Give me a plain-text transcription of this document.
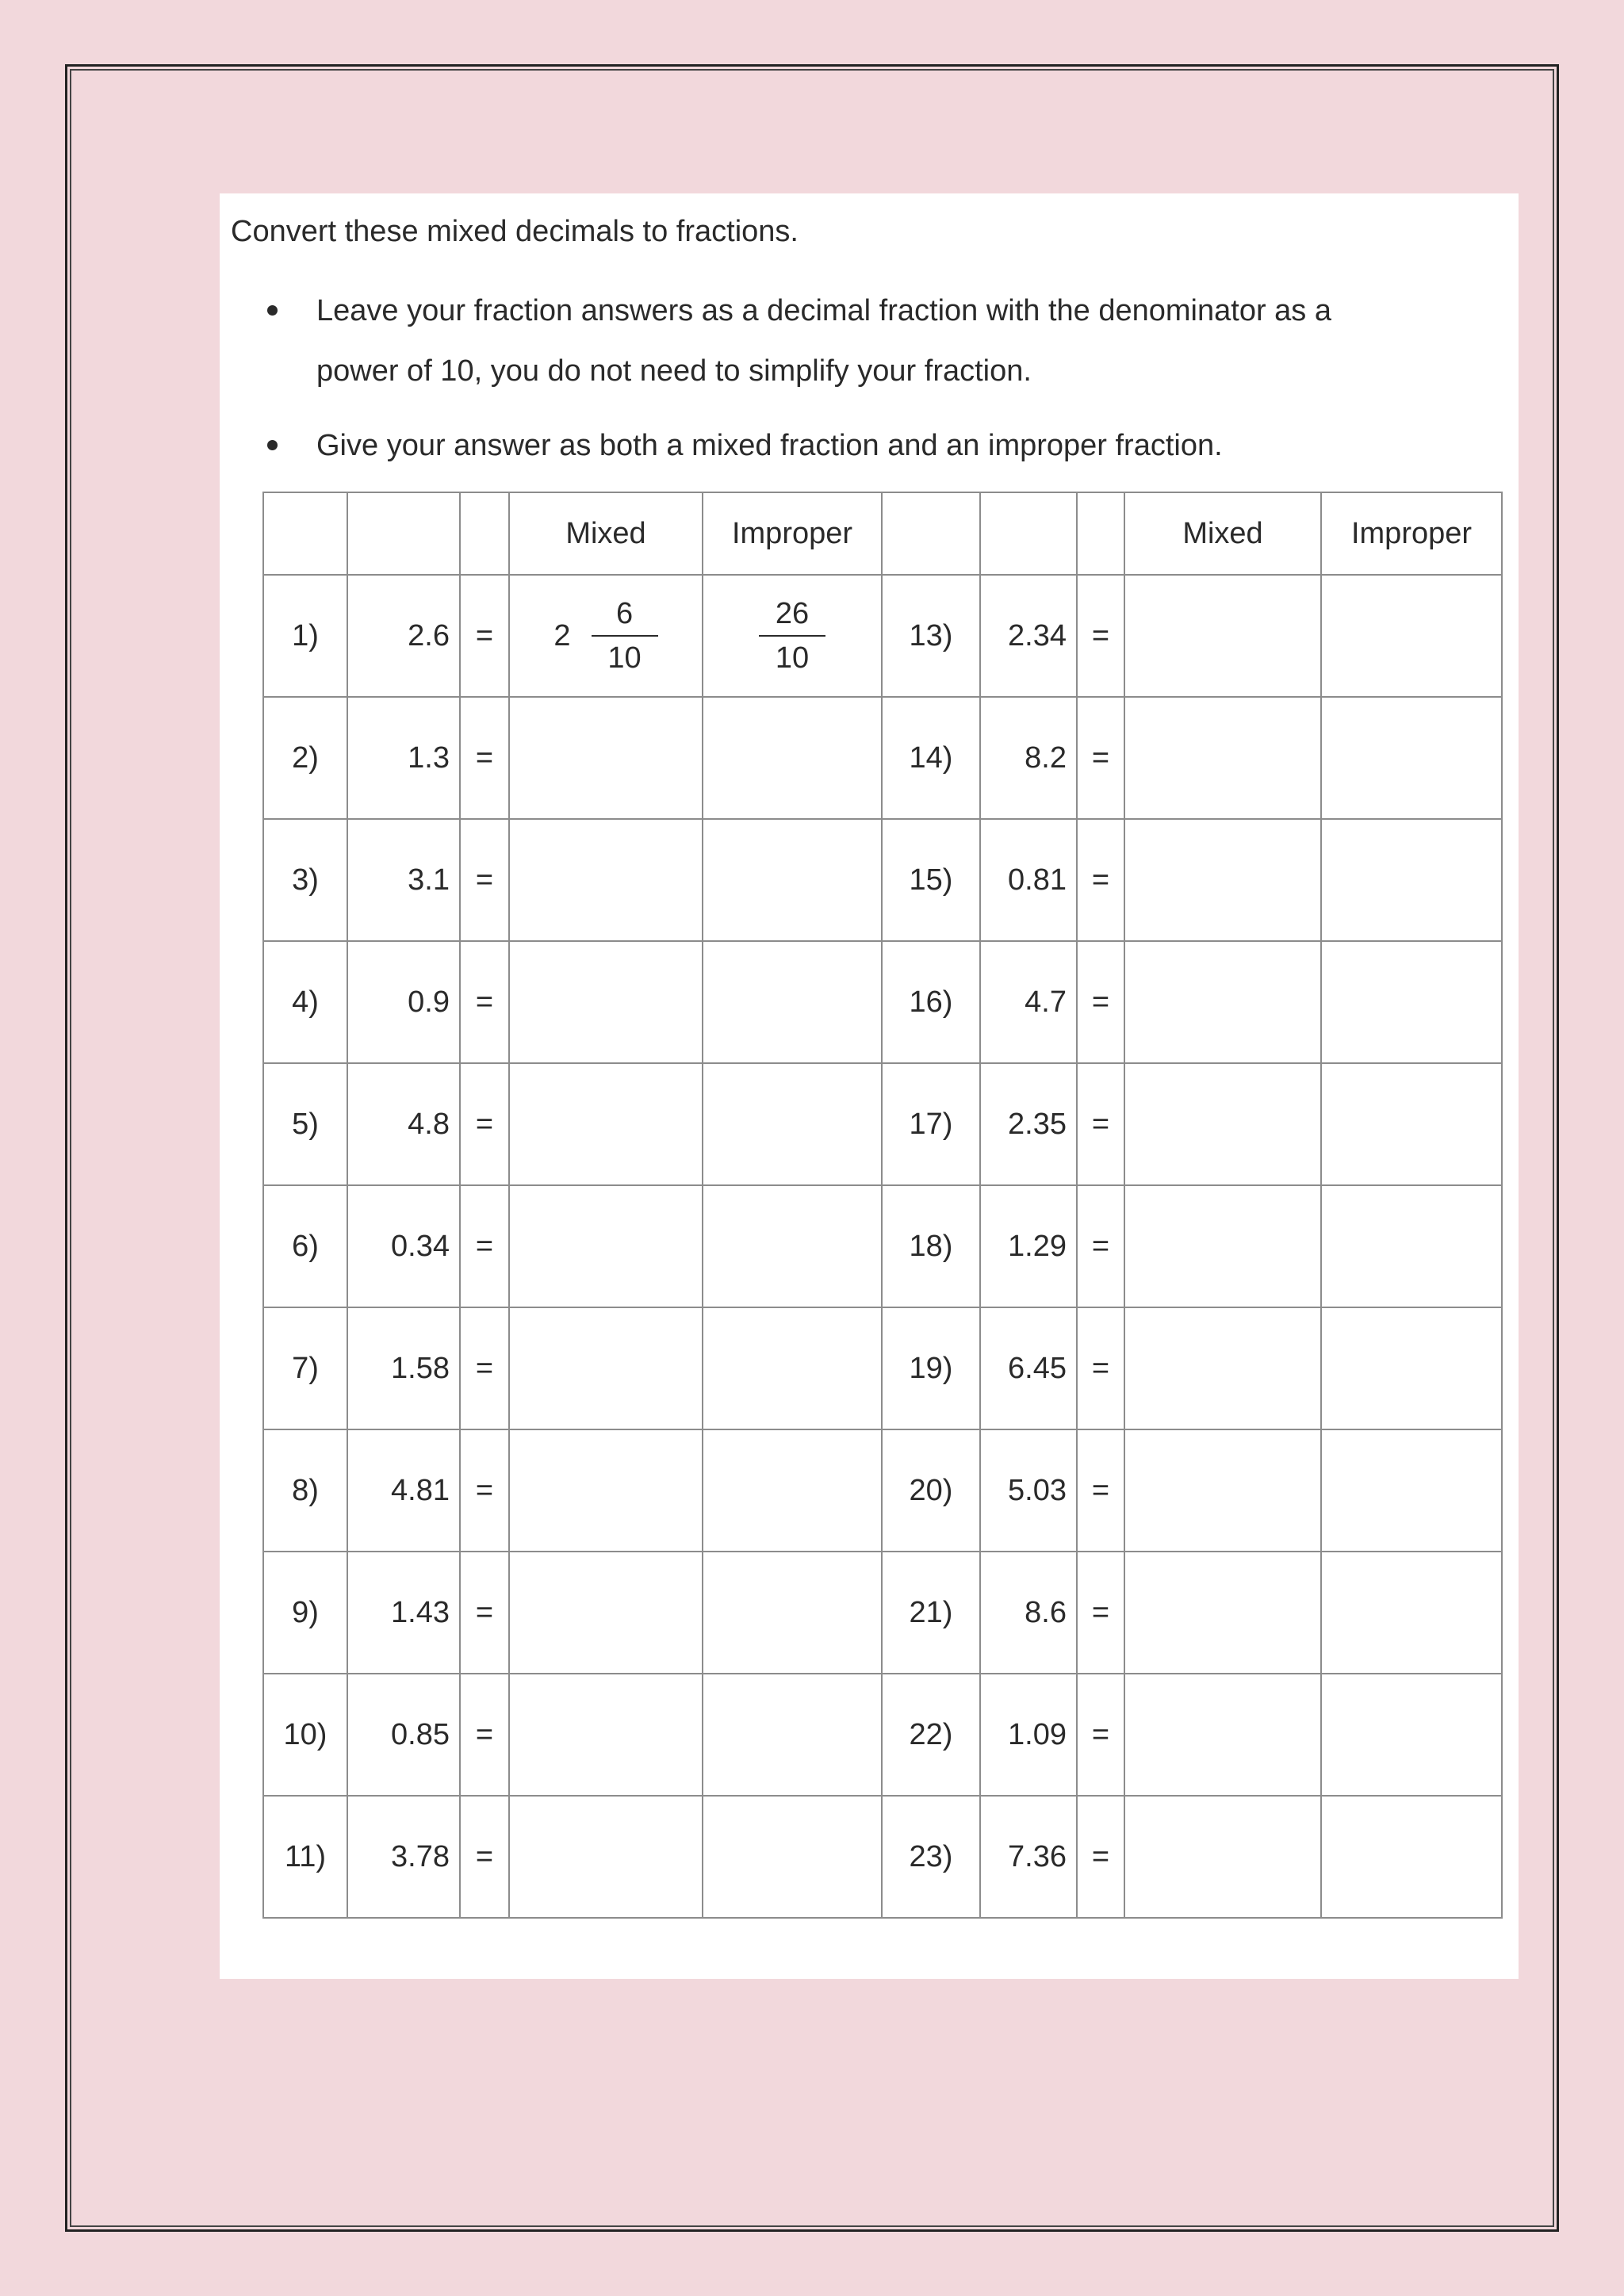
Convert these mixed decimals to fractions.
Leave your fraction answers as a decimal fraction with the denominator as a
power of 10, you do not need to simplify your fraction.
Give your answer as both a mixed fraction and an improper fraction.
			Mixed	Improper				Mixed	Improper
1)	2.6	=	$2 \frac{6}{10}$	$\frac{26}{10}$	13)	2.34	=		
2)	1.3	=			14)	8.2	=		
3)	3.1	=			15)	0.81	=		
4)	0.9	=			16)	4.7	=		
5)	4.8	=			17)	2.35	=		
6)	0.34	=			18)	1.29	=		
7)	1.58	=			19)	6.45	=		
8)	4.81	=			20)	5.03	=		
9)	1.43	=			21)	8.6	=		
10)	0.85	=			22)	1.09	=		
11)	3.78	=			23)	7.36	=		
